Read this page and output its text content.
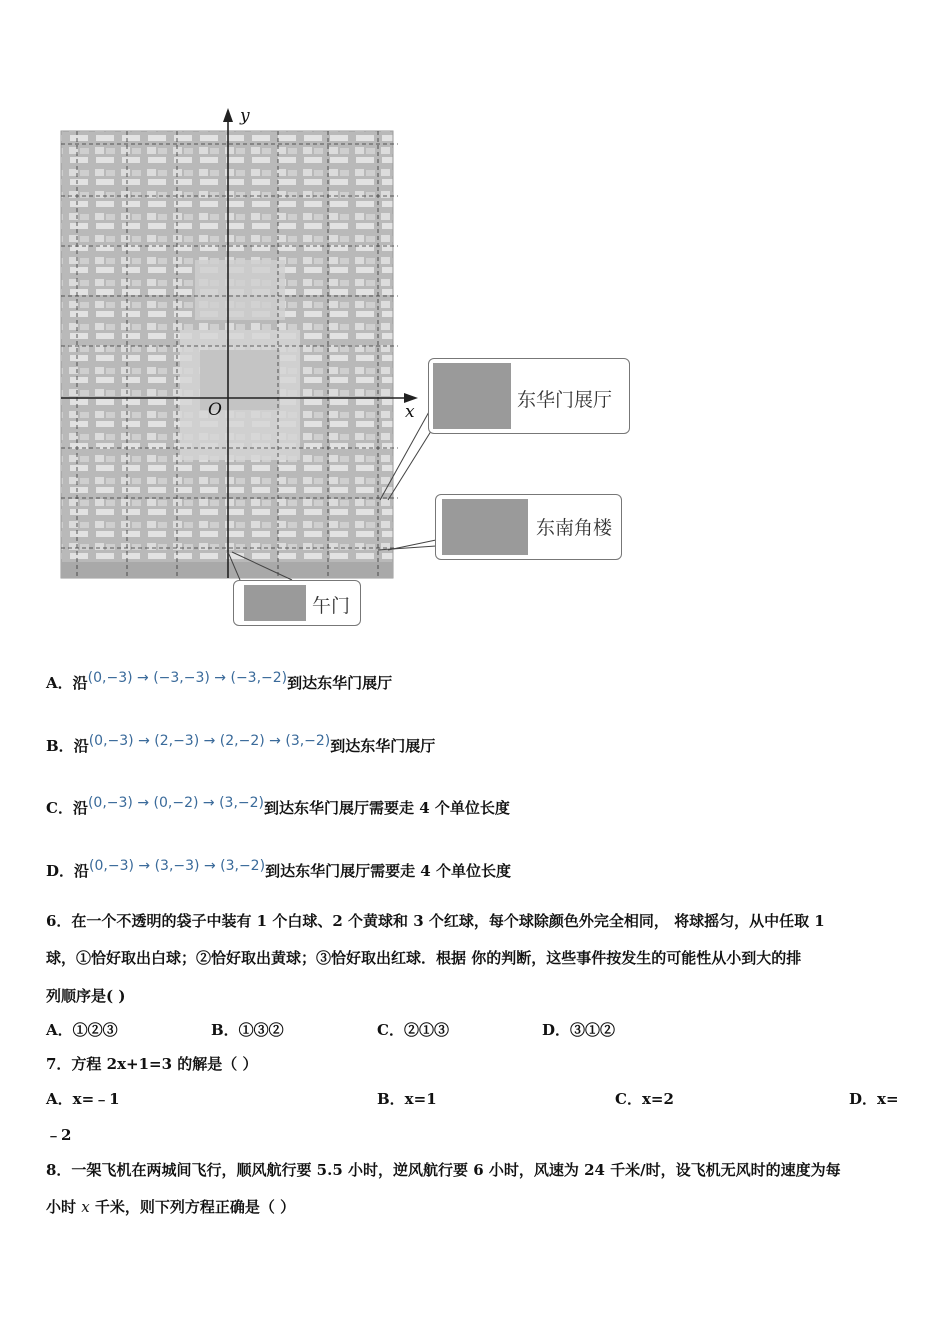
y
x
O	东华门展厅
东南角楼
午门
A．沿(0,−3) → (−3,−3) → (−3,−2)到达东华门展厅
B．沿(0,−3) → (2,−3) → (2,−2) → (3,−2)到达东华门展厅
C．沿(0,−3) → (0,−2) → (3,−2)到达东华门展厅需要走 4 个单位长度
D．沿(0,−3) → (3,−3) → (3,−2)到达东华门展厅需要走 4 个单位长度
6．在一个不透明的袋子中装有 1 个白球、2 个黄球和 3 个红球，每个球除颜色外完全相同， 将球摇匀，从中任取 1
球，①恰好取出白球；②恰好取出黄球；③恰好取出红球．根据 你的判断，这些事件按发生的可能性从小到大的排
列顺序是( )
A．①②③	B．①③②	C．②①③	D．③①②
7．方程 2x+1=3 的解是（ ）
A．x=﹣1	B．x=1	C．x=2	D．x=
﹣2
8．一架飞机在两城间飞行，顺风航行要 5.5 小时，逆风航行要 6 小时，风速为 24 千米/时，设飞机无风时的速度为每
小时 x 千米，则下列方程正确是（ ）
